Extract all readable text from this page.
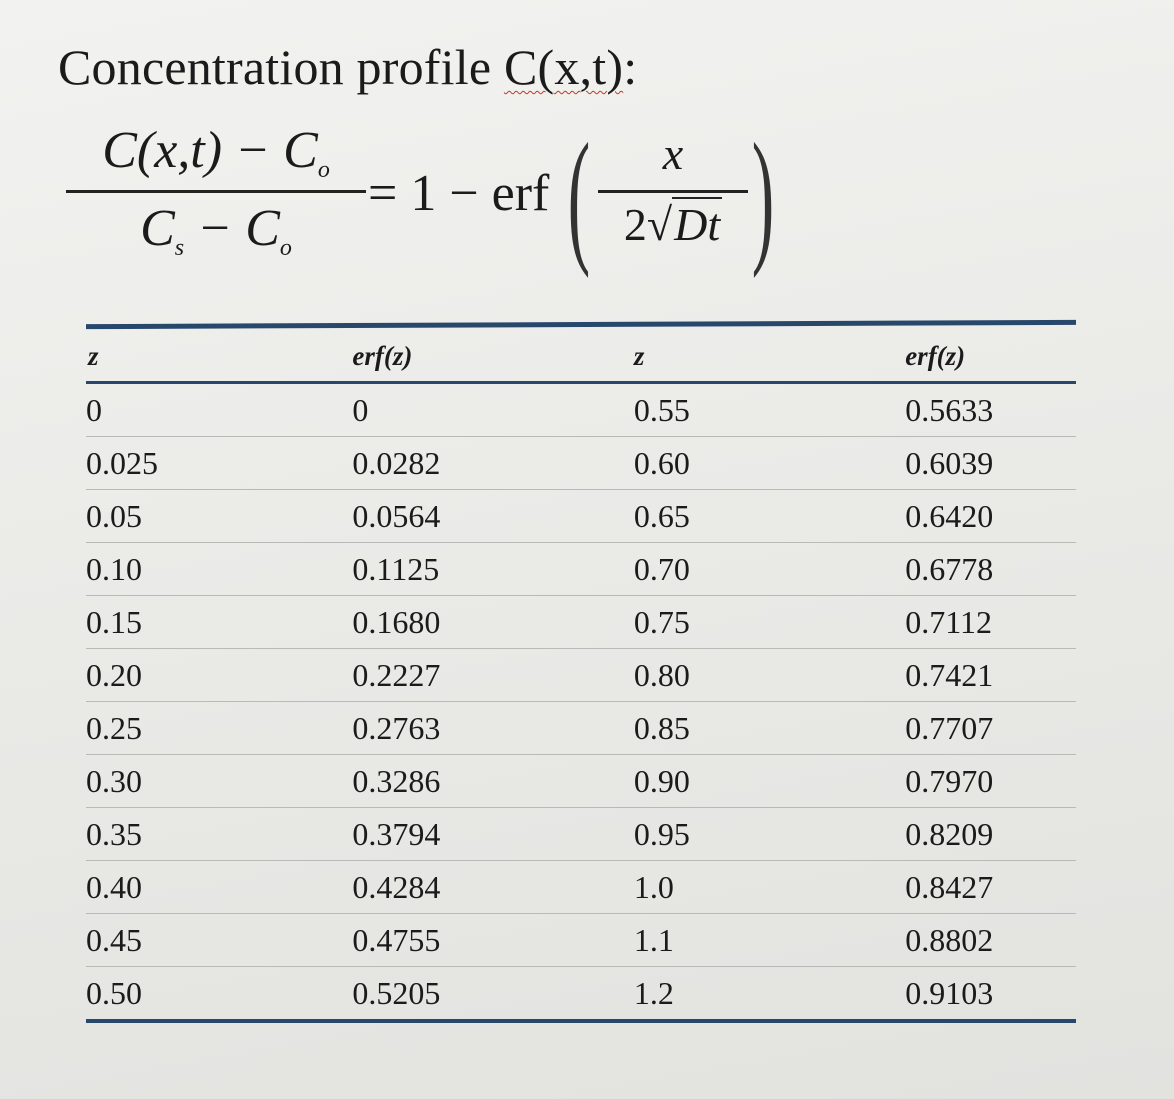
Concentration profile C(x,t):
$C(x,t) - C_o$
$C_s - C_o$
= 1 − erf (	x
2√Dt )
z	erf(z)	z	erf(z)
0	0	0.55	0.5633
0.025	0.0282	0.60	0.6039
0.05	0.0564	0.65	0.6420
0.10	0.1125	0.70	0.6778
0.15	0.1680	0.75	0.7112
0.20	0.2227	0.80	0.7421
0.25	0.2763	0.85	0.7707
0.30	0.3286	0.90	0.7970
0.35	0.3794	0.95	0.8209
0.40	0.4284	1.0	0.8427
0.45	0.4755	1.1	0.8802
0.50	0.5205	1.2	0.9103
